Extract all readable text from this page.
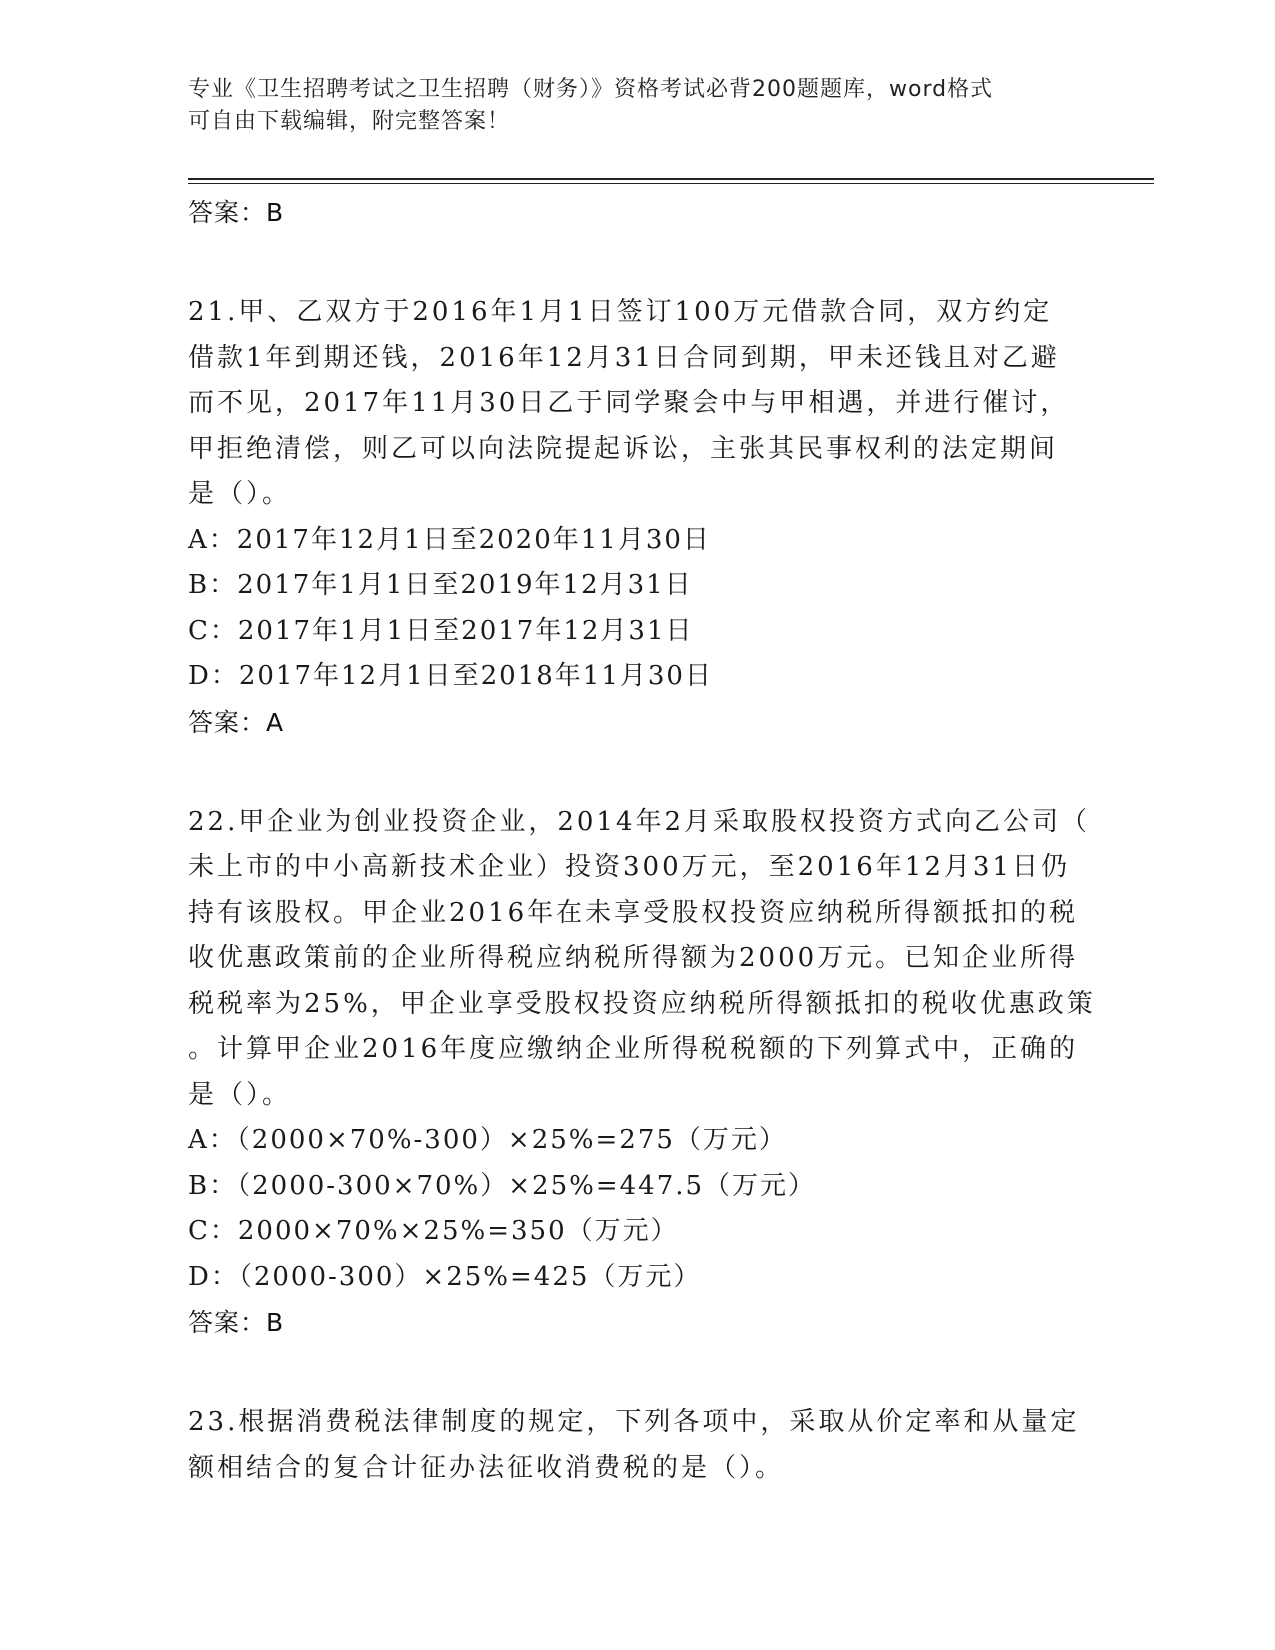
专业《卫生招聘考试之卫生招聘（财务）》资格考试必背200题题库，word格式
可自由下载编辑，附完整答案！
答案：B
21.甲、乙双方于2016年1月1日签订100万元借款合同，双方约定
借款1年到期还钱，2016年12月31日合同到期，甲未还钱且对乙避
而不见，2017年11月30日乙于同学聚会中与甲相遇，并进行催讨，
甲拒绝清偿，则乙可以向法院提起诉讼，主张其民事权利的法定期间
是（）。
A：2017年12月1日至2020年11月30日
B：2017年1月1日至2019年12月31日
C：2017年1月1日至2017年12月31日
D：2017年12月1日至2018年11月30日
答案：A
22.甲企业为创业投资企业，2014年2月采取股权投资方式向乙公司（
未上市的中小高新技术企业）投资300万元，至2016年12月31日仍
持有该股权。甲企业2016年在未享受股权投资应纳税所得额抵扣的税
收优惠政策前的企业所得税应纳税所得额为2000万元。已知企业所得
税税率为25%，甲企业享受股权投资应纳税所得额抵扣的税收优惠政策
。计算甲企业2016年度应缴纳企业所得税税额的下列算式中，正确的
是（）。
A：（2000×70%-300）×25%=275（万元）
B：（2000-300×70%）×25%=447.5（万元）
C：2000×70%×25%=350（万元）
D：（2000-300）×25%=425（万元）
答案：B
23.根据消费税法律制度的规定，下列各项中，采取从价定率和从量定
额相结合的复合计征办法征收消费税的是（）。
